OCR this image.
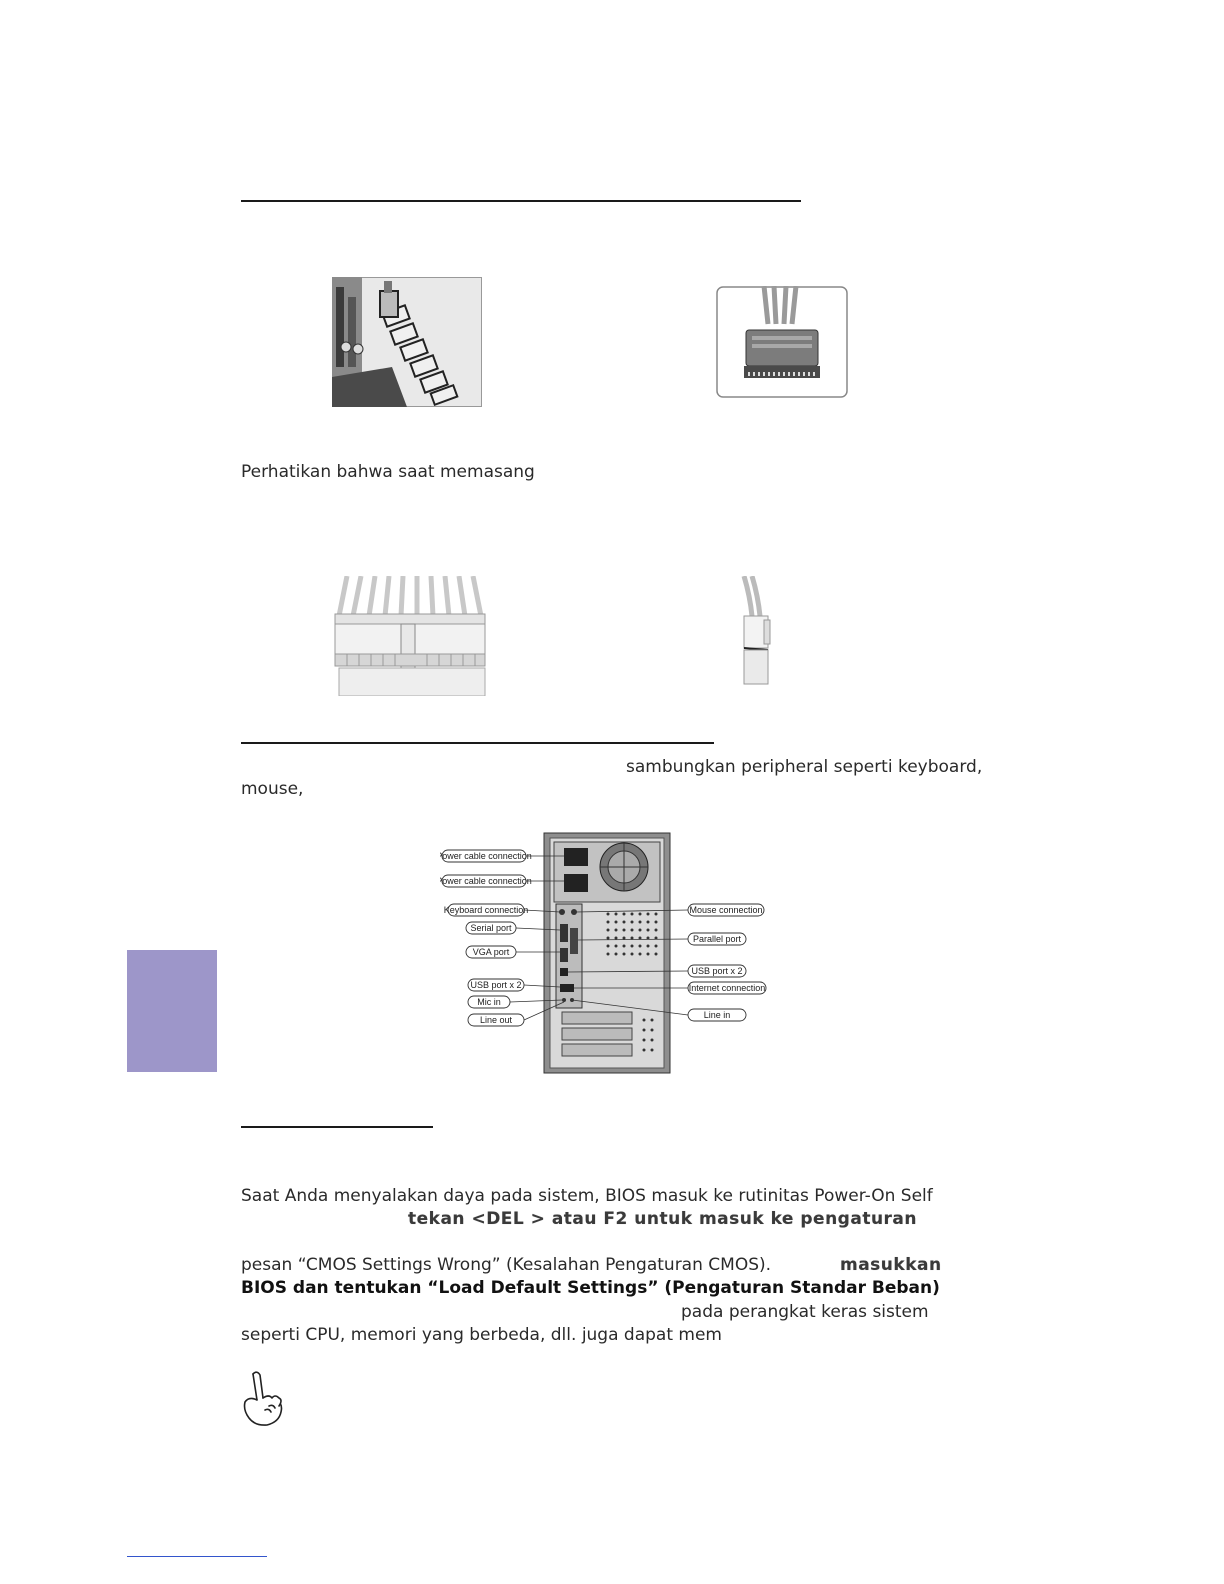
Perhatikan bahwa saat memasang
sambungkan peripheral seperti keyboard,
mouse,
Power cable connection
Power cable connection
Keyboard connection
Serial port
VGA port
USB port x 2
Mic in
Line out
Mouse connection
Parallel port
USB port x 2
Internet connection
Line in
Saat Anda menyalakan daya pada sistem, BIOS masuk ke rutinitas Power-On Self
tekan <DEL > atau F2 untuk masuk ke pengaturan
pesan “CMOS Settings Wrong” (Kesalahan Pengaturan CMOS).	masukkan
BIOS dan tentukan “Load Default Settings” (Pengaturan Standar Beban)
pada perangkat keras sistem
seperti CPU, memori yang berbeda, dll. juga dapat mem
